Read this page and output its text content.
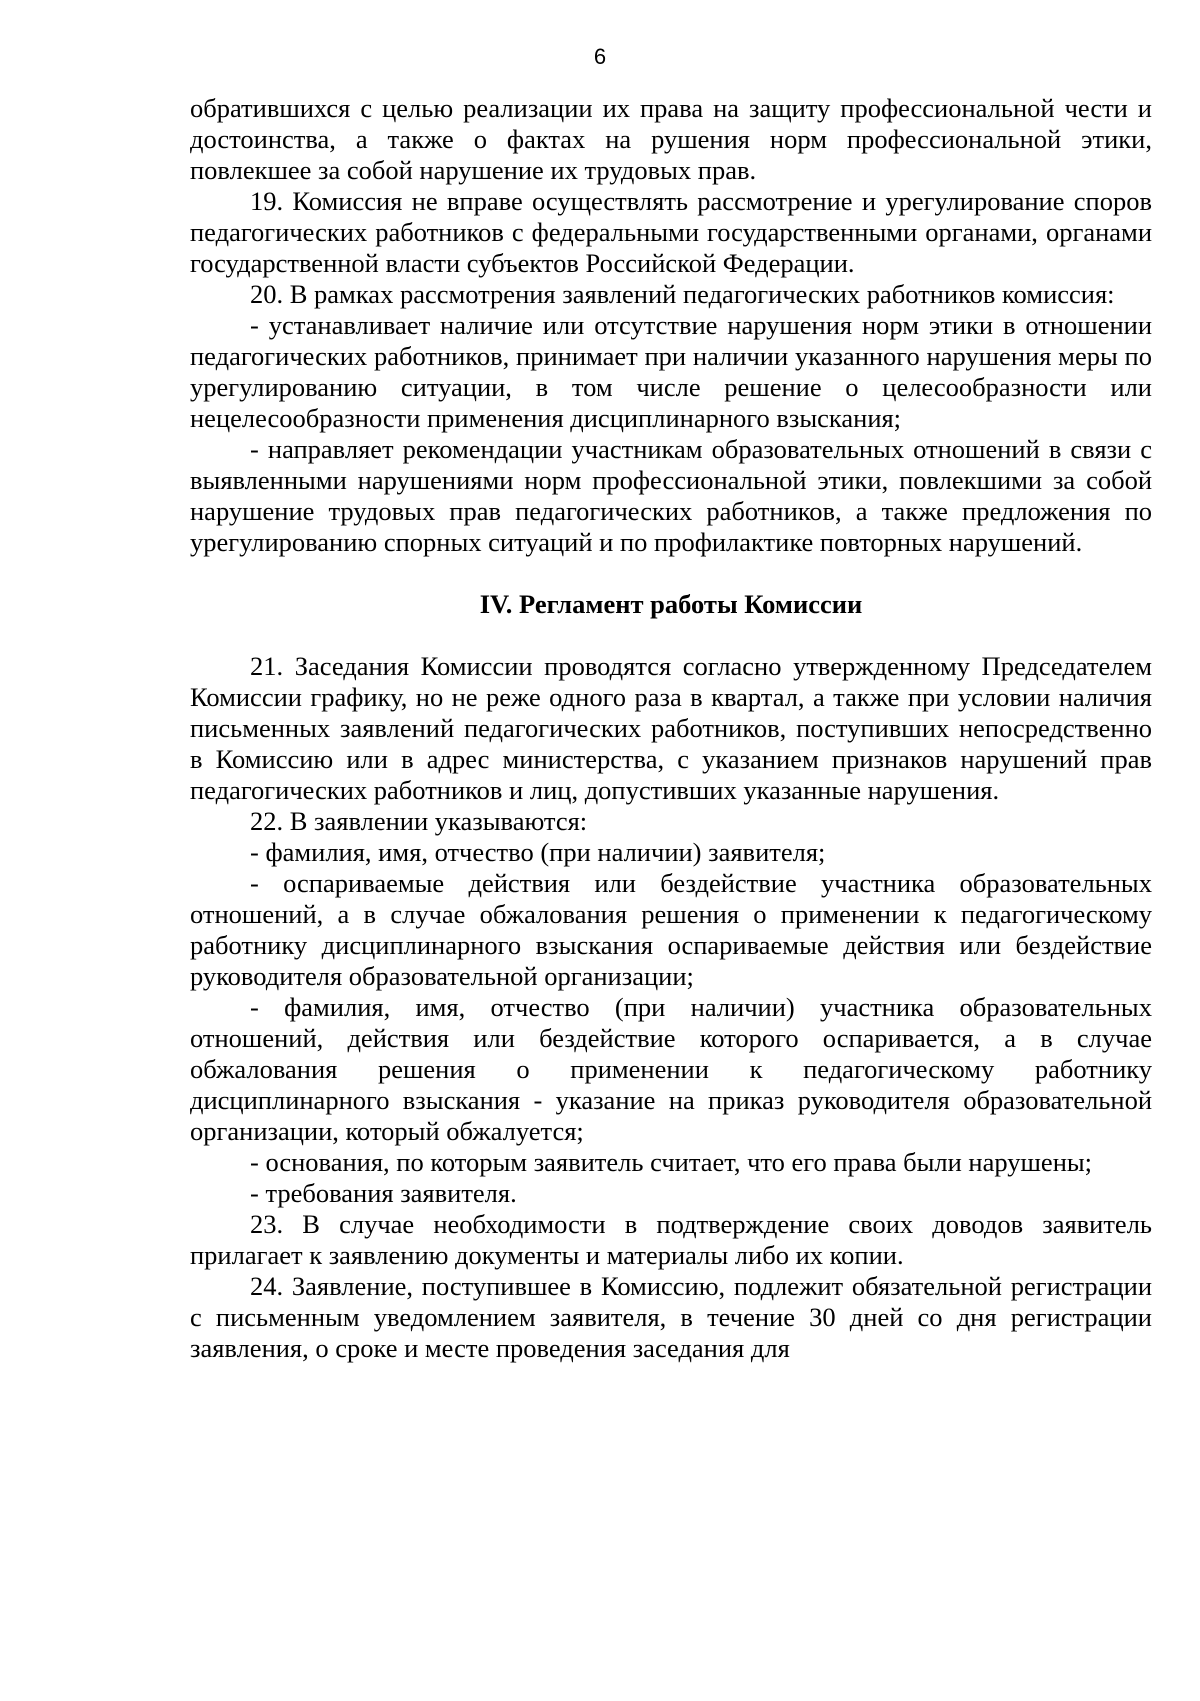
6

обратившихся с целью реализации их права на защиту профессиональной чести и достоинства, а также о фактах на рушения норм профессиональной этики, повлекшее за собой нарушение их трудовых прав.

19. Комиссия не вправе осуществлять рассмотрение и урегулирование споров педагогических работников с федеральными государственными органами, органами государственной власти субъектов Российской Федерации.

20. В рамках рассмотрения заявлений педагогических работников комиссия:

- устанавливает наличие или отсутствие нарушения норм этики в отношении педагогических работников, принимает при наличии указанного нарушения меры по урегулированию ситуации, в том числе решение о целесообразности или нецелесообразности применения дисциплинарного взыскания;

- направляет рекомендации участникам образовательных отношений в связи с выявленными нарушениями норм профессиональной этики, повлекшими за собой нарушение трудовых прав педагогических работников, а также предложения по урегулированию спорных ситуаций и по профилактике повторных нарушений.

IV. Регламент работы Комиссии

21. Заседания Комиссии проводятся согласно утвержденному Председателем Комиссии графику, но не реже одного раза в квартал, а также при условии наличия письменных заявлений педагогических работников, поступивших непосредственно в Комиссию или в адрес министерства, с указанием признаков нарушений прав педагогических работников и лиц, допустивших указанные нарушения.

22. В заявлении указываются:

- фамилия, имя, отчество (при наличии) заявителя;

- оспариваемые действия или бездействие участника образовательных отношений, а в случае обжалования решения о применении к педагогическому работнику дисциплинарного взыскания оспариваемые действия или бездействие руководителя образовательной организации;

- фамилия, имя, отчество (при наличии) участника образовательных отношений, действия или бездействие которого оспаривается, а в случае обжалования решения о применении к педагогическому работнику дисциплинарного взыскания - указание на приказ руководителя образовательной организации, который обжалуется;

- основания, по которым заявитель считает, что его права были нарушены;

- требования заявителя.

23. В случае необходимости в подтверждение своих доводов заявитель прилагает к заявлению документы и материалы либо их копии.

24. Заявление, поступившее в Комиссию, подлежит обязательной регистрации с письменным уведомлением заявителя, в течение 30 дней со дня регистрации заявления, о сроке и месте проведения заседания для
